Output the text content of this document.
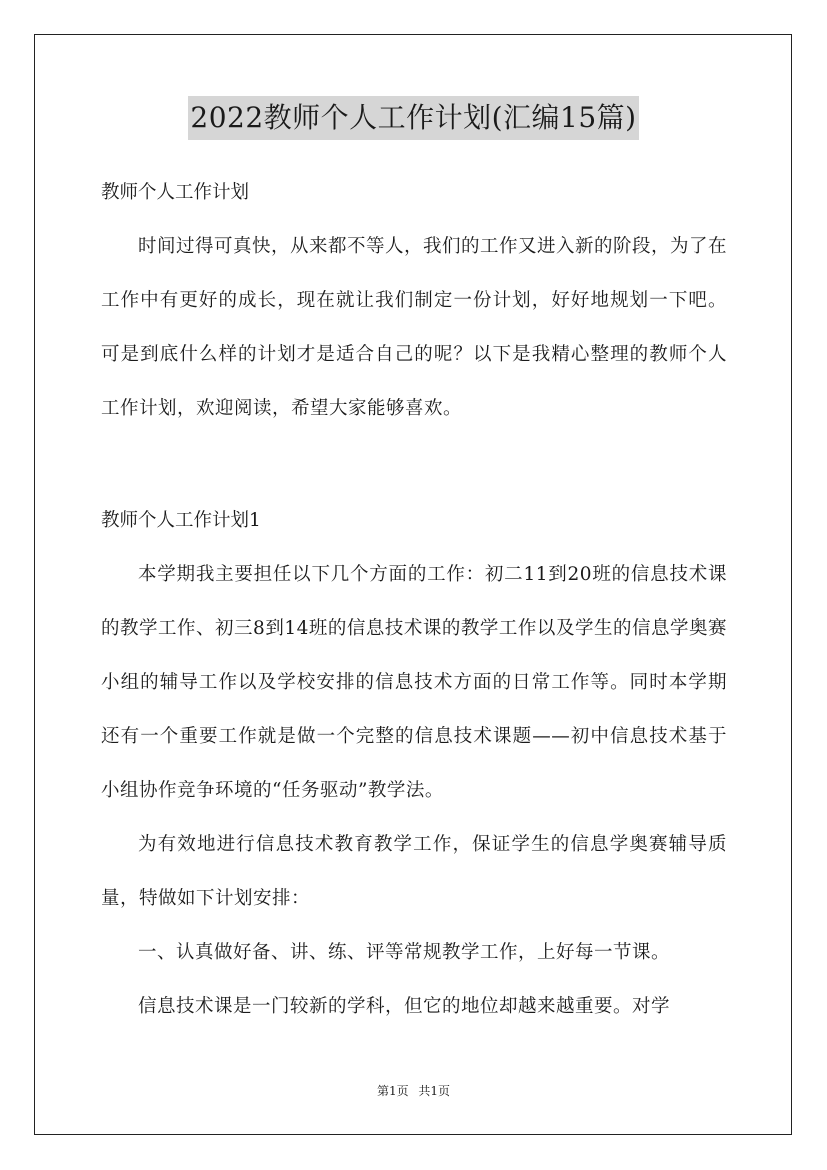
2022教师个人工作计划(汇编15篇)
教师个人工作计划
时间过得可真快，从来都不等人，我们的工作又进入新的阶段，为了在工作中有更好的成长，现在就让我们制定一份计划，好好地规划一下吧。可是到底什么样的计划才是适合自己的呢？以下是我精心整理的教师个人工作计划，欢迎阅读，希望大家能够喜欢。
教师个人工作计划1
本学期我主要担任以下几个方面的工作：初二11到20班的信息技术课的教学工作、初三8到14班的信息技术课的教学工作以及学生的信息学奥赛小组的辅导工作以及学校安排的信息技术方面的日常工作等。同时本学期还有一个重要工作就是做一个完整的信息技术课题——初中信息技术基于小组协作竞争环境的“任务驱动”教学法。
为有效地进行信息技术教育教学工作，保证学生的信息学奥赛辅导质量，特做如下计划安排：
一、认真做好备、讲、练、评等常规教学工作，上好每一节课。
信息技术课是一门较新的学科，但它的地位却越来越重要。对学
第1页 共1页
